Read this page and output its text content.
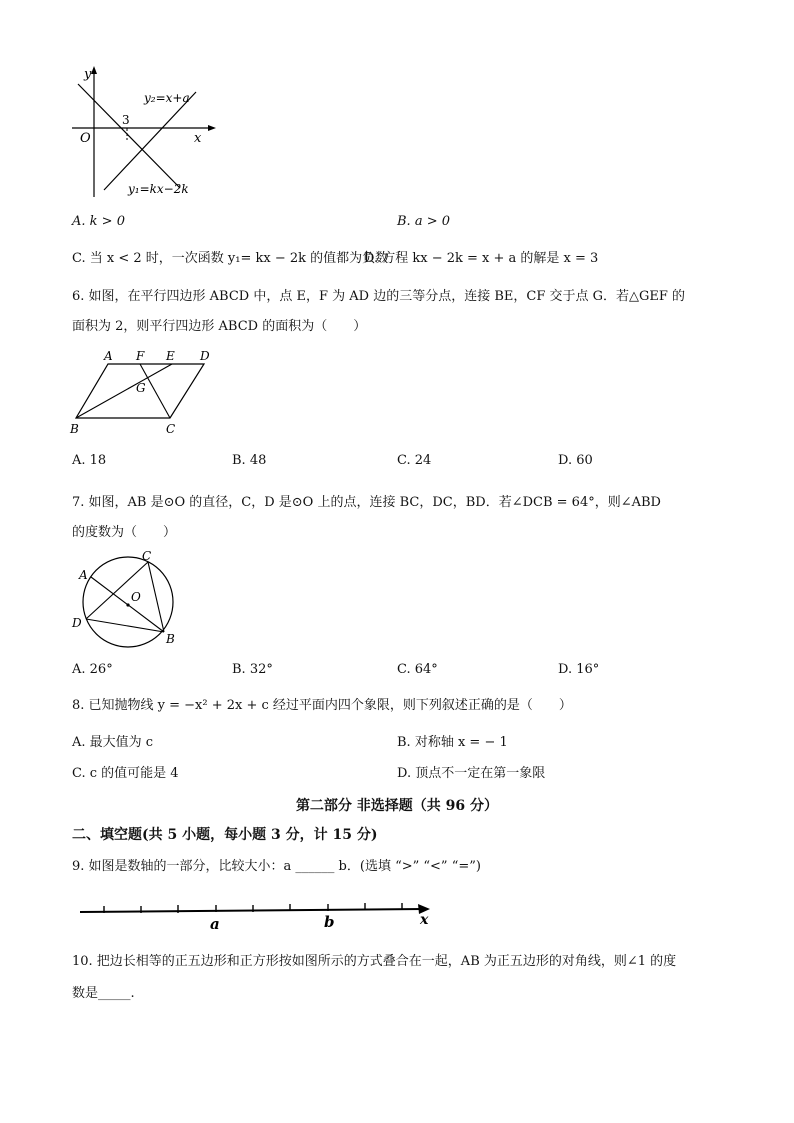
y
x
O
3
y₂=x+a
y₁=kx−2k
A. k > 0	B. a > 0
C. 当 x < 2 时，一次函数 y₁= kx − 2k 的值都为负数
D. 方程 kx − 2k = x + a 的解是 x = 3
6. 如图，在平行四边形 ABCD 中，点 E，F 为 AD 边的三等分点，连接 BE，CF 交于点 G．若△GEF 的
面积为 2，则平行四边形 ABCD 的面积为（　　）
A F E D
G
B	C
A. 18	B. 48	C. 24	D. 60
7. 如图，AB 是⊙O 的直径，C，D 是⊙O 上的点，连接 BC，DC，BD．若∠DCB = 64°，则∠ABD
的度数为（　　）
A
C
O
D
B
A. 26°	B. 32°	C. 64°	D. 16°
8. 已知抛物线 y = −x² + 2x + c 经过平面内四个象限，则下列叙述正确的是（　　）
A. 最大值为 c	B. 对称轴 x = − 1
C. c 的值可能是 4	D. 顶点不一定在第一象限
第二部分 非选择题（共 96 分）
二、填空题(共 5 小题，每小题 3 分，计 15 分)
9. 如图是数轴的一部分，比较大小：a ______ b．(选填 “>” “<” “=”)
a	b	x
10. 把边长相等的正五边形和正方形按如图所示的方式叠合在一起，AB 为正五边形的对角线，则∠1 的度
数是_____.
